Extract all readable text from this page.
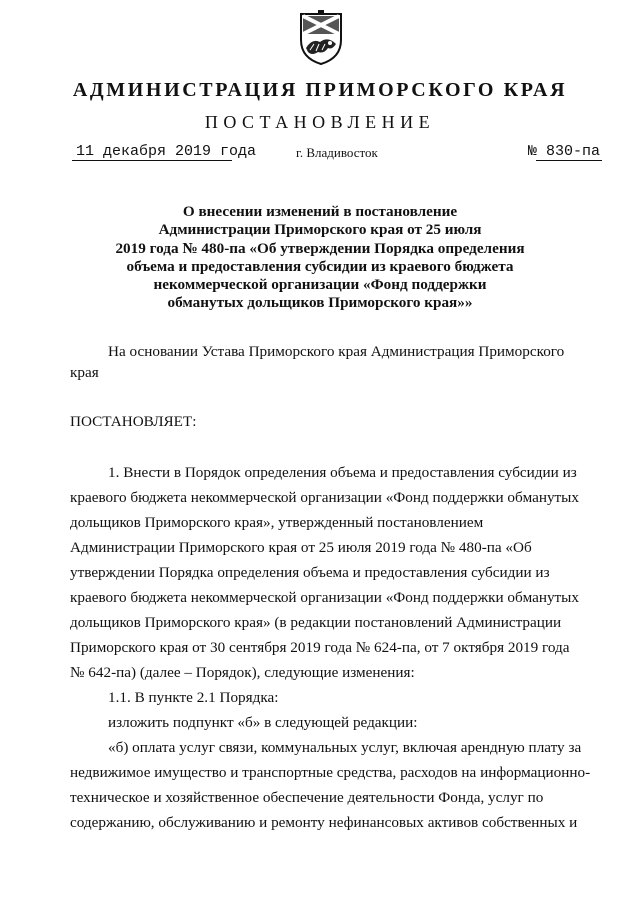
АДМИНИСТРАЦИЯ ПРИМОРСКОГО КРАЯ
ПОСТАНОВЛЕНИЕ
11 декабря 2019 года	г. Владивосток	№ 830-па
О внесении изменений в постановление
Администрации Приморского края от 25 июля
2019 года № 480-па «Об утверждении Порядка определения
объема и предоставления субсидии из краевого бюджета
некоммерческой организации «Фонд поддержки
обманутых дольщиков Приморского края»»
На основании Устава Приморского края Администрация Приморского
края
ПОСТАНОВЛЯЕТ:
1. Внести в Порядок определения объема и предоставления субсидии из
краевого бюджета некоммерческой организации «Фонд поддержки обманутых
дольщиков Приморского края», утвержденный постановлением
Администрации Приморского края от 25 июля 2019 года № 480-па «Об
утверждении Порядка определения объема и предоставления субсидии из
краевого бюджета некоммерческой организации «Фонд поддержки обманутых
дольщиков Приморского края» (в редакции постановлений Администрации
Приморского края от 30 сентября 2019 года № 624-па, от 7 октября 2019 года
№ 642-па) (далее – Порядок), следующие изменения:
1.1. В пункте 2.1 Порядка:
изложить подпункт «б» в следующей редакции:
«б) оплата услуг связи, коммунальных услуг, включая арендную плату за
недвижимое имущество и транспортные средства, расходов на информационно-
техническое и хозяйственное обеспечение деятельности Фонда, услуг по
содержанию, обслуживанию и ремонту нефинансовых активов собственных и
